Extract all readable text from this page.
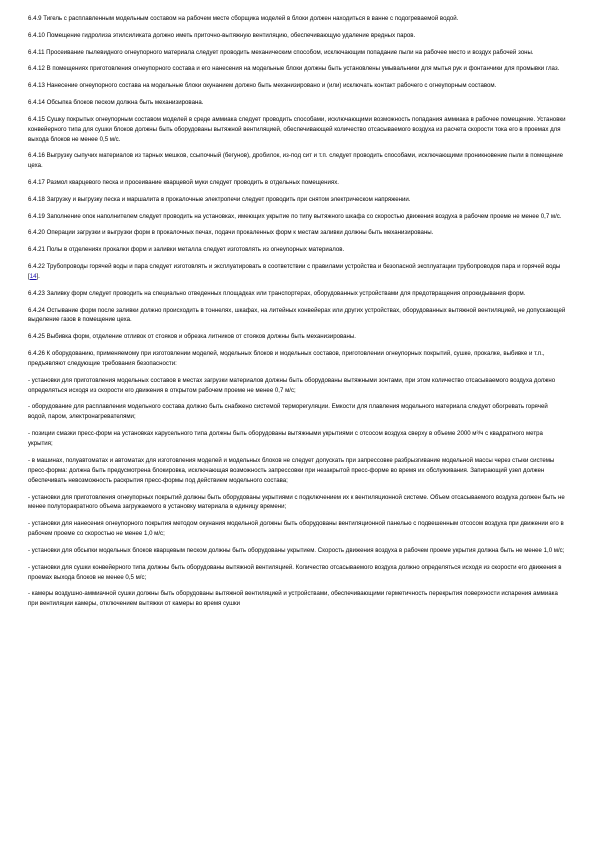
6.4.9 Тигель с расплавленным модельным составом на рабочем месте сборщика моделей в блоки должен находиться в ванне с подогреваемой водой.

6.4.10 Помещение гидролиза этилсиликата должно иметь приточно-вытяжную вентиляцию, обеспечивающую удаление вредных паров.

6.4.11 Просеивание пылевидного огнеупорного материала следует проводить механическим способом, исключающим попадание пыли на рабочее место и воздух рабочей зоны.

6.4.12 В помещениях приготовления огнеупорного состава и его нанесения на модельные блоки должны быть установлены умывальники для мытья рук и фонтанчики для промывки глаз.

6.4.13 Нанесение огнеупорного состава на модельные блоки окунанием должно быть механизировано и (или) исключать контакт рабочего с огнеупорным составом.

6.4.14 Обсыпка блоков песком должна быть механизирована.

6.4.15 Сушку покрытых огнеупорным составом моделей в среде аммиака следует проводить способами, исключающими возможность попадания аммиака в рабочее помещение. Установки конвейерного типа для сушки блоков должны быть оборудованы вытяжной вентиляцией, обеспечивающей количество отсасываемого воздуха из расчета скорости тока его в проемах для выхода блоков не менее 0,5 м/с.

6.4.16 Выгрузку сыпучих материалов из тарных мешков, ссыпочный (бегунов), дробилок, из-под сит и т.п. следует проводить способами, исключающими проникновение пыли в помещение цеха.

6.4.17 Размол кварцевого песка и просеивание кварцевой муки следует проводить в отдельных помещениях.

6.4.18 Загрузку и выгрузку песка и маршалита в прокалочные электропечи следует проводить при снятом электрическом напряжении.

6.4.19 Заполнение опок наполнителем следует проводить на установках, имеющих укрытие по типу вытяжного шкафа со скоростью движения воздуха в рабочем проеме не менее 0,7 м/с.

6.4.20 Операции загрузки и выгрузки форм в прокалочных печах, подачи прокаленных форм к местам заливки должны быть механизированы.

6.4.21 Полы в отделениях прокалки форм и заливки металла следует изготовлять из огнеупорных материалов.

6.4.22 Трубопроводы горячей воды и пара следует изготовлять и эксплуатировать в соответствии с правилами устройства и безопасной эксплуатации трубопроводов пара и горячей воды [14].

6.4.23 Заливку форм следует проводить на специально отведенных площадках или транспортерах, оборудованных устройствами для предотвращения опрокидывания форм.

6.4.24 Остывание форм после заливки должно происходить в тоннелях, шкафах, на литейных конвейерах или других устройствах, оборудованных вытяжной вентиляцией, не допускающей выделение газов в помещение цеха.

6.4.25 Выбивка форм, отделение отливок от стояков и обрезка литников от стояков должны быть механизированы.

6.4.26 К оборудованию, применяемому при изготовлении моделей, модельных блоков и модельных составов, приготовлении огнеупорных покрытий, сушке, прокалке, выбивке и т.п., предъявляют следующие требования безопасности:

- установки для приготовления модельных составов в местах загрузки материалов должны быть оборудованы вытяжными зонтами, при этом количество отсасываемого воздуха должно определяться исходя из скорости его движения в открытом рабочем проеме не менее 0,7 м/с;

- оборудование для расплавления модельного состава должно быть снабжено системой терморегуляции. Емкости для плавления модельного материала следует обогревать горячей водой, паром, электронагревателями;

- позиции смазки пресс-форм на установках карусельного типа должны быть оборудованы вытяжными укрытиями с отсосом воздуха сверху в объеме 2000 м³/ч с квадратного метра укрытия;

- в машинах, полуавтоматах и автоматах для изготовления моделей и модельных блоков не следует допускать при запрессовке разбрызгивание модельной массы через стыки системы пресс-форма: должна быть предусмотрена блокировка, исключающая возможность запрессовки при незакрытой пресс-форме во время их обслуживания. Запирающий узел должен обеспечивать невозможность раскрытия пресс-формы под действием модельного состава;

- установки для приготовления огнеупорных покрытий должны быть оборудованы укрытиями с подключением их к вентиляционной системе. Объем отсасываемого воздуха должен быть не менее полуторакратного объема загружаемого в установку материала в единицу времени;

- установки для нанесения огнеупорного покрытия методом окунания модельной должны быть оборудованы вентиляционной панелью с подвешенным отсосом воздуха при движении его в рабочем проеме со скоростью не менее 1,0 м/с;

- установки для обсыпки модельных блоков кварцевым песком должны быть оборудованы укрытием. Скорость движения воздуха в рабочем проеме укрытия должна быть не менее 1,0 м/с;

- установки для сушки конвейерного типа должны быть оборудованы вытяжной вентиляцией. Количество отсасываемого воздуха должно определяться исходя из скорости его движения в проемах выхода блоков не менее 0,5 м/с;

- камеры воздушно-аммиачной сушки должны быть оборудованы вытяжной вентиляцией и устройствами, обеспечивающими герметичность перекрытия поверхности испарения аммиака при вентиляции камеры, отключением вытяжки от камеры во время сушки
